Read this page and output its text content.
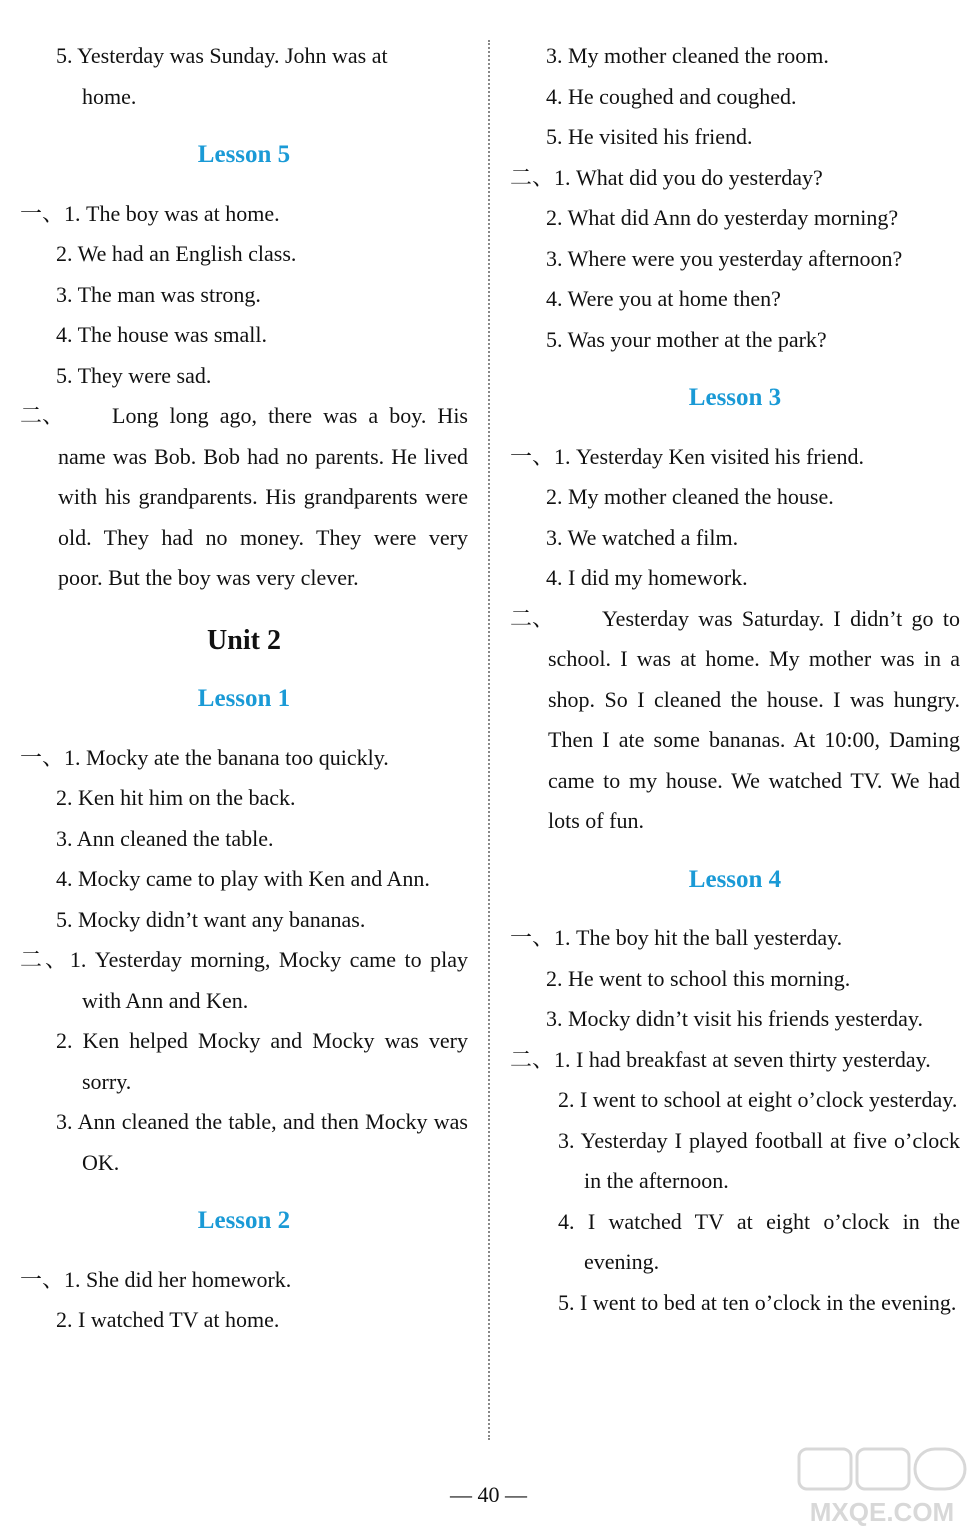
5. Yesterday was Sunday. John was at
home.
Lesson 5
一、1. The boy was at home.
2. We had an English class.
3. The man was strong.
4. The house was small.
5. They were sad.
二、	Long long ago, there was a boy. His name was Bob. Bob had no parents. He lived with his grandparents. His grandparents were old. They had no money. They were very poor. But the boy was very clever.
Unit 2
Lesson 1
一、1. Mocky ate the banana too quickly.
2. Ken hit him on the back.
3. Ann cleaned the table.
4. Mocky came to play with Ken and Ann.
5. Mocky didn’t want any bananas.
二、1. Yesterday morning, Mocky came to play with Ann and Ken.
2. Ken helped Mocky and Mocky was very sorry.
3. Ann cleaned the table, and then Mocky was OK.
Lesson 2
一、1. She did her homework.
2. I watched TV at home.
3. My mother cleaned the room.
4. He coughed and coughed.
5. He visited his friend.
二、1. What did you do yesterday?
2. What did Ann do yesterday morning?
3. Where were you yesterday afternoon?
4. Were you at home then?
5. Was your mother at the park?
Lesson 3
一、1. Yesterday Ken visited his friend.
2. My mother cleaned the house.
3. We watched a film.
4. I did my homework.
二、	Yesterday was Saturday. I didn’t go to school. I was at home. My mother was in a shop. So I cleaned the house. I was hungry. Then I ate some bananas. At 10:00, Daming came to my house. We watched TV. We had lots of fun.
Lesson 4
一、1. The boy hit the ball yesterday.
2. He went to school this morning.
3. Mocky didn’t visit his friends yesterday.
二、1. I had breakfast at seven thirty yesterday.
2. I went to school at eight o’clock yesterday.
3. Yesterday I played football at five o’clock in the afternoon.
4. I watched TV at eight o’clock in the evening.
5. I went to bed at ten o’clock in the evening.
— 40 —
MXQE.COM
